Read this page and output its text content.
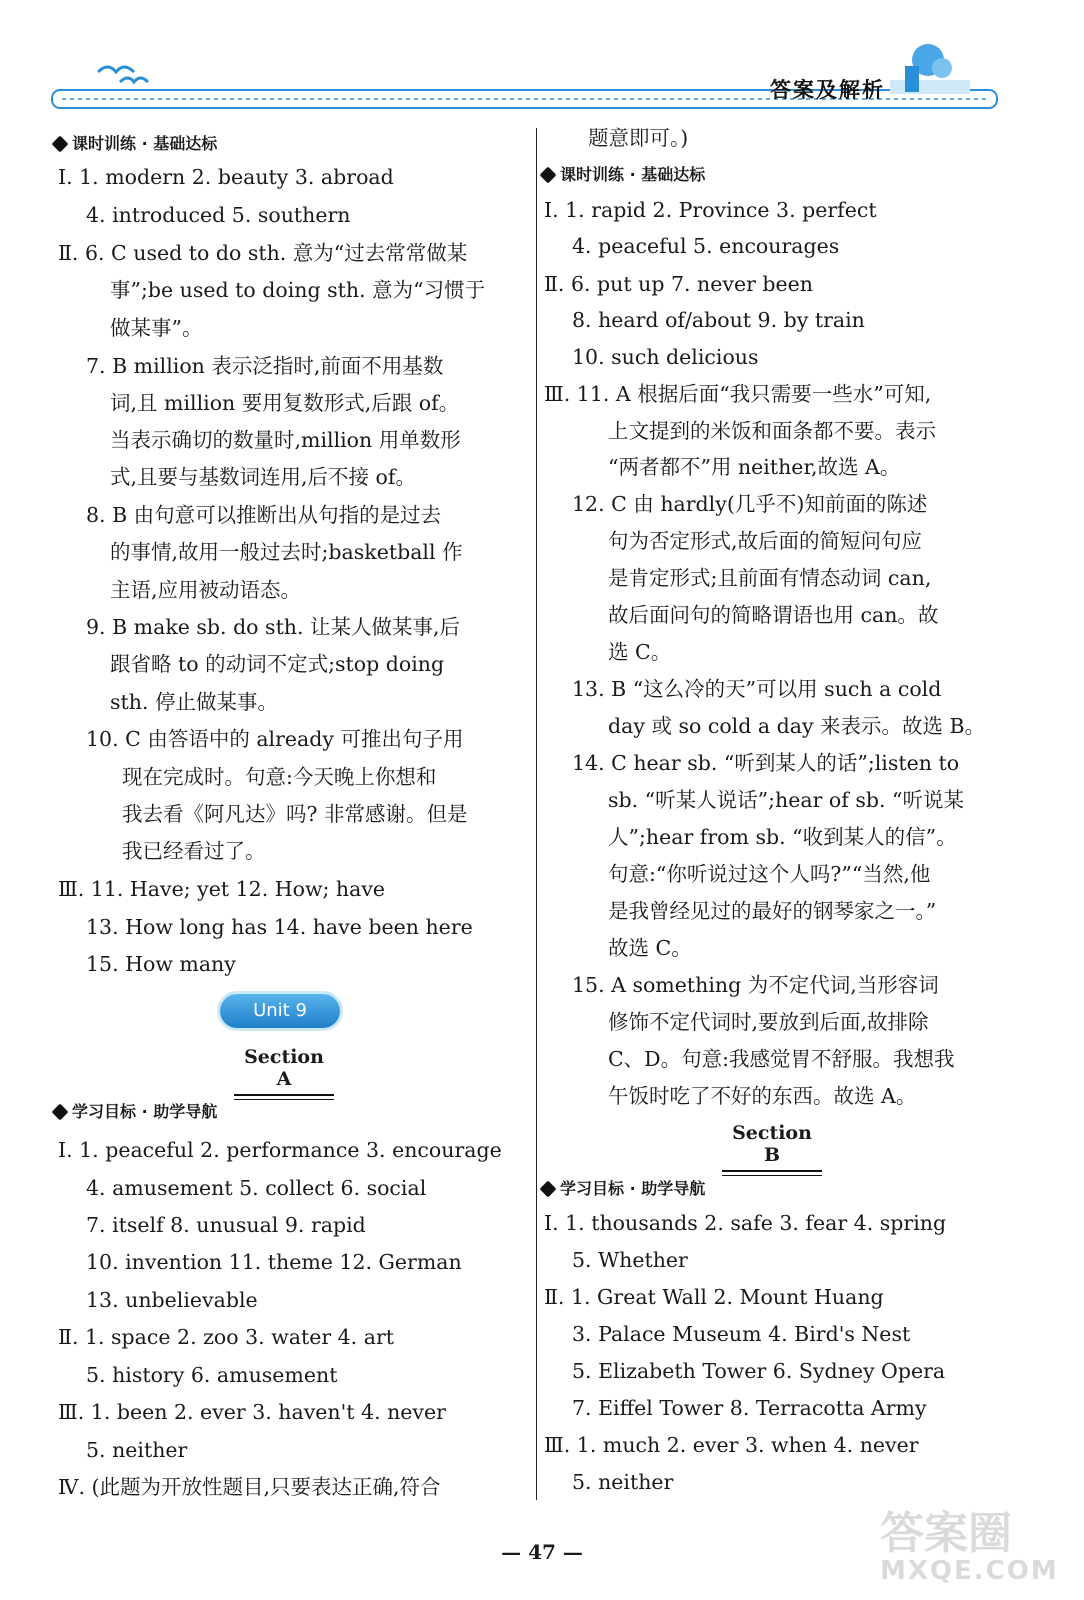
答案及解析
课时训练 · 基础达标
Ⅰ. 1. modern 2. beauty 3. abroad
4. introduced 5. southern
Ⅱ. 6. C used to do sth. 意为“过去常常做某
事”;be used to doing sth. 意为“习惯于
做某事”。
7. B million 表示泛指时,前面不用基数
词,且 million 要用复数形式,后跟 of。
当表示确切的数量时,million 用单数形
式,且要与基数词连用,后不接 of。
8. B 由句意可以推断出从句指的是过去
的事情,故用一般过去时;basketball 作
主语,应用被动语态。
9. B make sb. do sth. 让某人做某事,后
跟省略 to 的动词不定式;stop doing
sth. 停止做某事。
10. C 由答语中的 already 可推出句子用
现在完成时。句意:今天晚上你想和
我去看《阿凡达》吗? 非常感谢。但是
我已经看过了。
Ⅲ. 11. Have; yet 12. How; have
13. How long has 14. have been here
15. How many
Unit 9
Section A
学习目标 · 助学导航
Ⅰ. 1. peaceful 2. performance 3. encourage
4. amusement 5. collect 6. social
7. itself 8. unusual 9. rapid
10. invention 11. theme 12. German
13. unbelievable
Ⅱ. 1. space 2. zoo 3. water 4. art
5. history 6. amusement
Ⅲ. 1. been 2. ever 3. haven't 4. never
5. neither
Ⅳ. (此题为开放性题目,只要表达正确,符合
题意即可。)
课时训练 · 基础达标
Ⅰ. 1. rapid 2. Province 3. perfect
4. peaceful 5. encourages
Ⅱ. 6. put up 7. never been
8. heard of/about 9. by train
10. such delicious
Ⅲ. 11. A 根据后面“我只需要一些水”可知,
上文提到的米饭和面条都不要。表示
“两者都不”用 neither,故选 A。
12. C 由 hardly(几乎不)知前面的陈述
句为否定形式,故后面的简短问句应
是肯定形式;且前面有情态动词 can,
故后面问句的简略谓语也用 can。故
选 C。
13. B “这么冷的天”可以用 such a cold
day 或 so cold a day 来表示。故选 B。
14. C hear sb. “听到某人的话”;listen to
sb. “听某人说话”;hear of sb. “听说某
人”;hear from sb. “收到某人的信”。
句意:“你听说过这个人吗?”“当然,他
是我曾经见过的最好的钢琴家之一。”
故选 C。
15. A something 为不定代词,当形容词
修饰不定代词时,要放到后面,故排除
C、D。句意:我感觉胃不舒服。我想我
午饭时吃了不好的东西。故选 A。
Section B
学习目标 · 助学导航
Ⅰ. 1. thousands 2. safe 3. fear 4. spring
5. Whether
Ⅱ. 1. Great Wall 2. Mount Huang
3. Palace Museum 4. Bird's Nest
5. Elizabeth Tower 6. Sydney Opera
7. Eiffel Tower 8. Terracotta Army
Ⅲ. 1. much 2. ever 3. when 4. never
5. neither
— 47 —	答案圈
MXQE.COM
